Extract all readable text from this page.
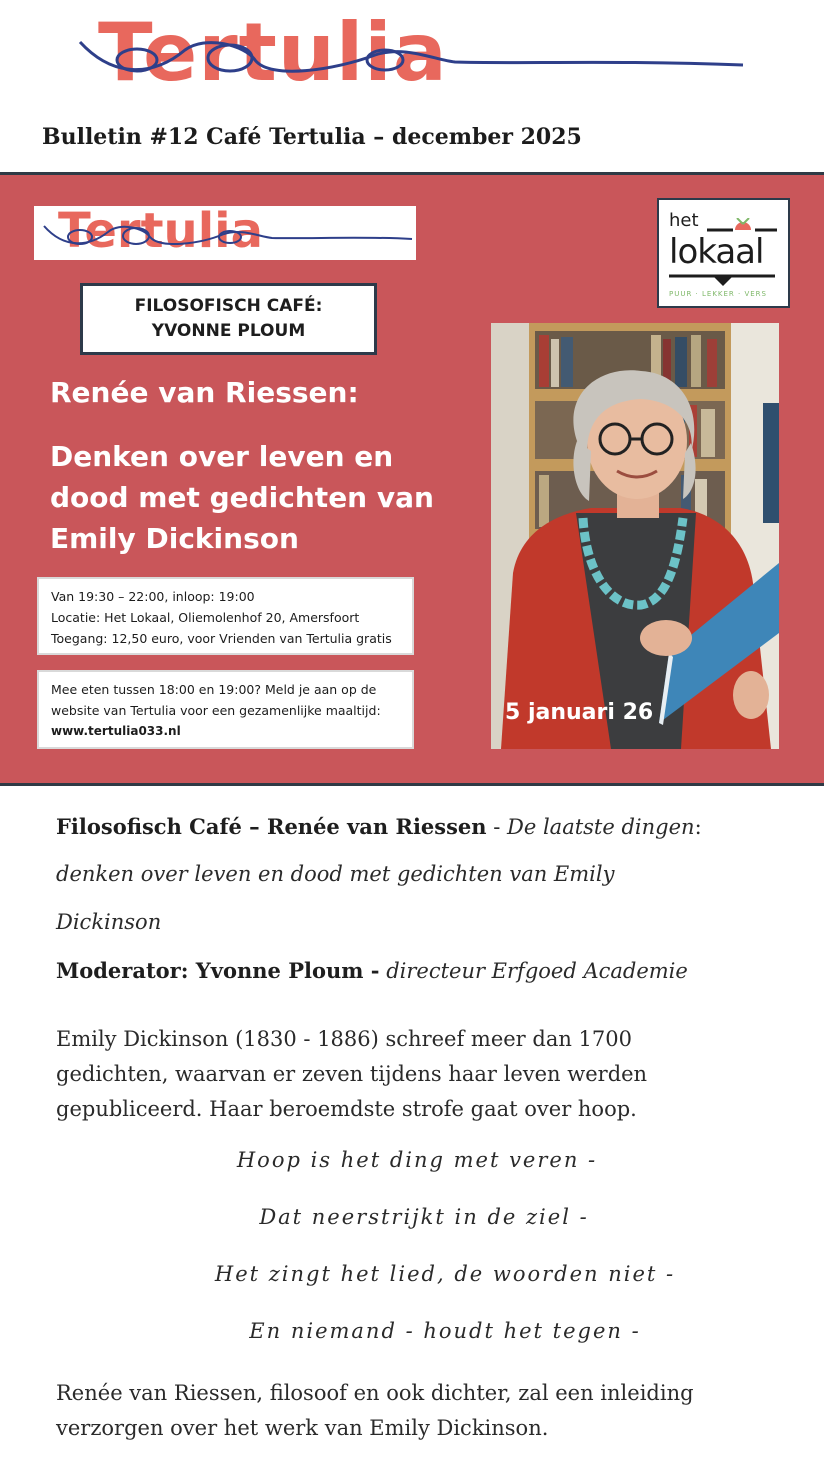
Tertulia
Bulletin #12 Café Tertulia – december 2025
Tertulia
FILOSOFISCH CAFÉ:
YVONNE PLOUM
Renée van Riessen:
Denken over leven en
dood met gedichten van
Emily Dickinson
Van 19:30 – 22:00, inloop: 19:00
Locatie: Het Lokaal, Oliemolenhof 20, Amersfoort
Toegang: 12,50 euro, voor Vrienden van Tertulia gratis
Mee eten tussen 18:00 en 19:00? Meld je aan op de
website van Tertulia voor een gezamenlijke maaltijd:
www.tertulia033.nl
het
lokaal
PUUR · LEKKER · VERS
5 januari 26
Filosofisch Café – Renée van Riessen - De laatste dingen:
denken over leven en dood met gedichten van Emily
Dickinson
Moderator: Yvonne Ploum - directeur Erfgoed Academie
Emily Dickinson (1830 - 1886) schreef meer dan 1700
gedichten, waarvan er zeven tijdens haar leven werden
gepubliceerd. Haar beroemdste strofe gaat over hoop.
Hoop is het ding met veren -
Dat neerstrijkt in de ziel -
Het zingt het lied, de woorden niet -
En niemand - houdt het tegen -
Renée van Riessen, filosoof en ook dichter, zal een inleiding
verzorgen over het werk van Emily Dickinson.
